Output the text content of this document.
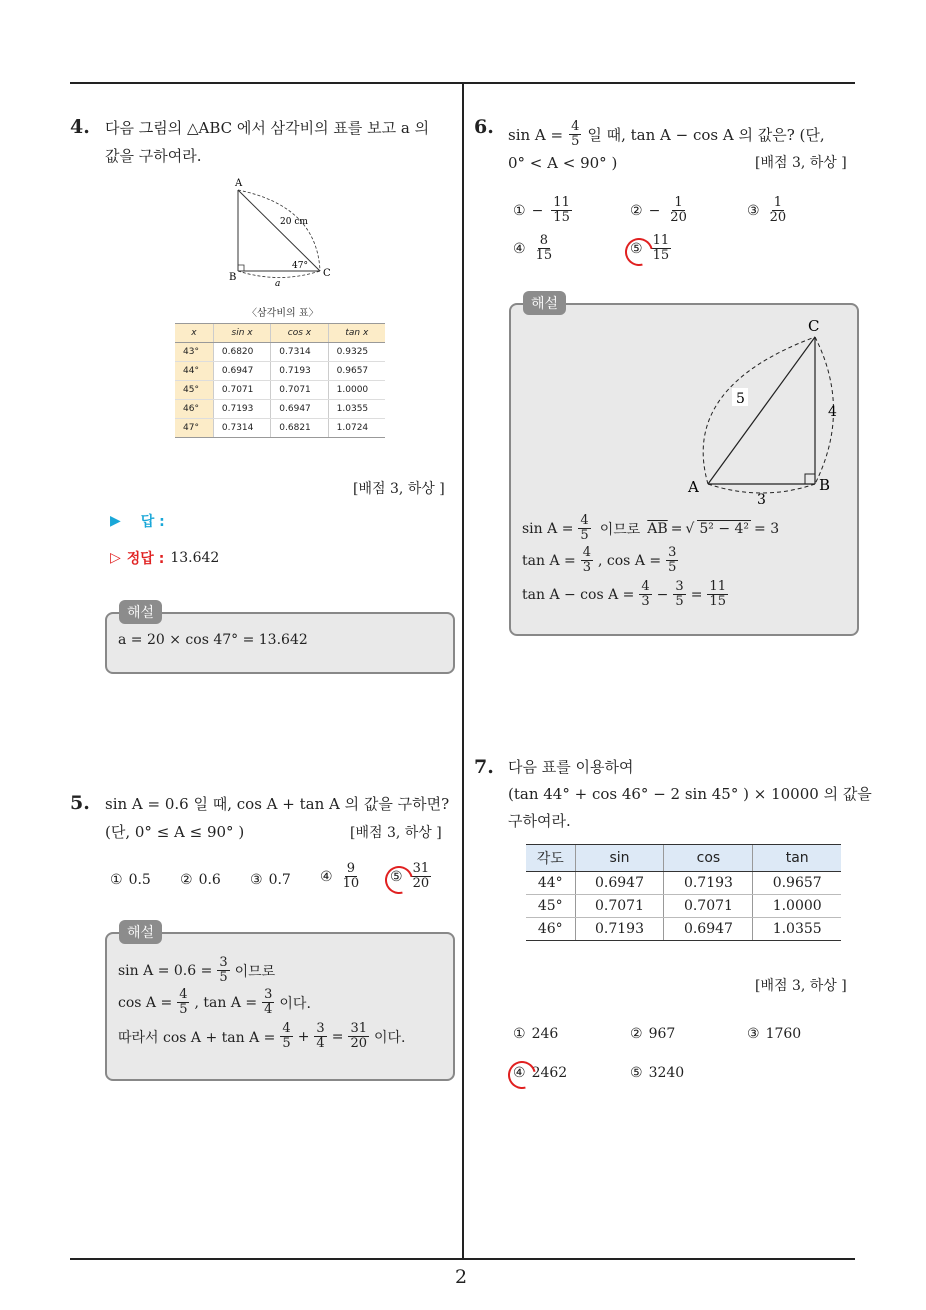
2
4. 다음 그림의 △ABC 에서 삼각비의 표를 보고 a 의
값을 구하여라.
A
B	C
20 cm
47°
a
〈삼각비의 표〉
x	sin x	cos x	tan x
43°	0.6820	0.7314	0.9325
44°	0.6947	0.7193	0.9657
45°	0.7071	0.7071	1.0000
46°	0.7193	0.6947	1.0355
47°	0.7314	0.6821	1.0724
[배점 3, 하상 ]
▶ 답 :
▷ 정답 : 13.642
해설
a = 20 × cos 47° = 13.642
5. sin A = 0.6 일 때, cos A + tan A 의 값을 구하면?
(단, 0° ≤ A ≤ 90° )	[배점 3, 하상 ]
① 0.5 ② 0.6 ③ 0.7 ④ $\frac{9}{10}$ ⑤ $\frac{31}{20}$
해설
$\sin A = 0.6 = \frac{3}{5}$ 이므로
$\cos A = \frac{4}{5}$ , $\tan A = \frac{3}{4}$ 이다.
따라서 $\cos A + \tan A = \frac{4}{5} + \frac{3}{4} = \frac{31}{20}$ 이다.
6. $\sin A = \frac{4}{5}$ 일 때, tan A − cos A 의 값은? (단,
0° < A < 90° )	[배점 3, 하상 ]
① − $\frac{11}{15}$	② − $\frac{1}{20}$	③ $\frac{1}{20}$
④ $\frac{8}{15}$	⑤ $\frac{11}{15}$
해설
C
A	B
5
4
3
$\sin A = \frac{4}{5}$ 이므로 $\overline{AB}$ = √ 5² − 4² = 3
$\tan A = \frac{4}{3}$ , $\cos A = \frac{3}{5}$
$\tan A - \cos A = \frac{4}{3} - \frac{3}{5} = \frac{11}{15}$
7. 다음 표를 이용하여
(tan 44° + cos 46° − 2 sin 45° ) × 10000 의 값을
구하여라.
각도	sin	cos	tan
44°	0.6947	0.7193	0.9657
45°	0.7071	0.7071	1.0000
46°	0.7193	0.6947	1.0355
[배점 3, 하상 ]
① 246	② 967	③ 1760
④ 2462	⑤ 3240
